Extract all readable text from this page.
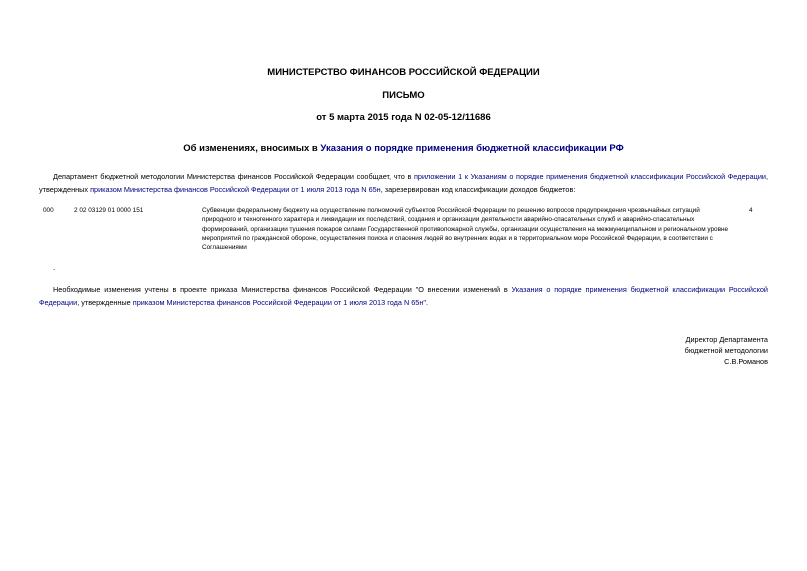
МИНИСТЕРСТВО ФИНАНСОВ РОССИЙСКОЙ ФЕДЕРАЦИИ
ПИСЬМО
от 5 марта 2015 года N 02-05-12/11686
Об изменениях, вносимых в Указания о порядке применения бюджетной классификации РФ
Департамент бюджетной методологии Министерства финансов Российской Федерации сообщает, что в приложении 1 к Указаниям о порядке применения бюджетной классификации Российской Федерации, утвержденных приказом Министерства финансов Российской Федерации от 1 июля 2013 года N 65н, зарезервирован код классификации доходов бюджетов:
000	2 02 03129 01 0000 151	Субвенции федеральному бюджету на осуществление полномочий субъектов Российской Федерации по решению вопросов предупреждения чрезвычайных ситуаций природного и техногенного характера и ликвидации их последствий, создания и организации деятельности аварийно-спасательных служб и аварийно-спасательных формирований, организации тушения пожаров силами Государственной противопожарной службы, организации осуществления на межмуниципальном и региональном уровне мероприятий по гражданской обороне, осуществления поиска и спасения людей во внутренних водах и в территориальном море Российской Федерации, в соответствии с Соглашениями
4
.
Необходимые изменения учтены в проекте приказа Министерства финансов Российской Федерации "О внесении изменений в Указания о порядке применения бюджетной классификации Российской Федерации, утвержденные приказом Министерства финансов Российской Федерации от 1 июля 2013 года N 65н".
Директор Департамента
бюджетной методологии
С.В.Романов
